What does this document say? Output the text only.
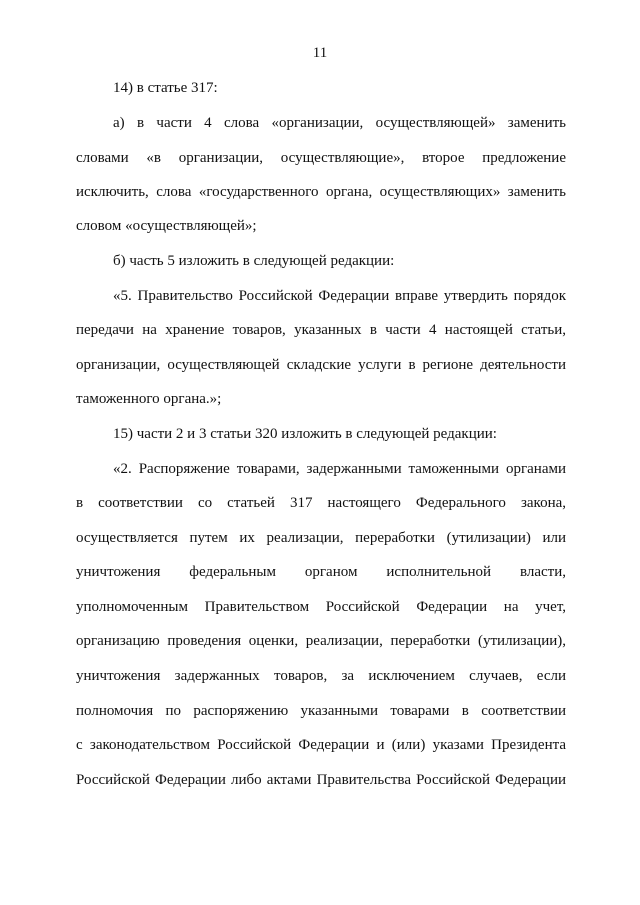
11
14) в статье 317:
а) в части 4 слова «организации, осуществляющей» заменить
словами «в организации, осуществляющие», второе предложение
исключить, слова «государственного органа, осуществляющих» заменить
словом «осуществляющей»;
б) часть 5 изложить в следующей редакции:
«5. Правительство Российской Федерации вправе утвердить порядок
передачи на хранение товаров, указанных в части 4 настоящей статьи,
организации, осуществляющей складские услуги в регионе деятельности
таможенного органа.»;
15) части 2 и 3 статьи 320 изложить в следующей редакции:
«2. Распоряжение товарами, задержанными таможенными органами
в соответствии со статьей 317 настоящего Федерального закона,
осуществляется путем их реализации, переработки (утилизации) или
уничтожения федеральным органом исполнительной власти,
уполномоченным Правительством Российской Федерации на учет,
организацию проведения оценки, реализации, переработки (утилизации),
уничтожения задержанных товаров, за исключением случаев, если
полномочия по распоряжению указанными товарами в соответствии
с законодательством Российской Федерации и (или) указами Президента
Российской Федерации либо актами Правительства Российской Федерации
